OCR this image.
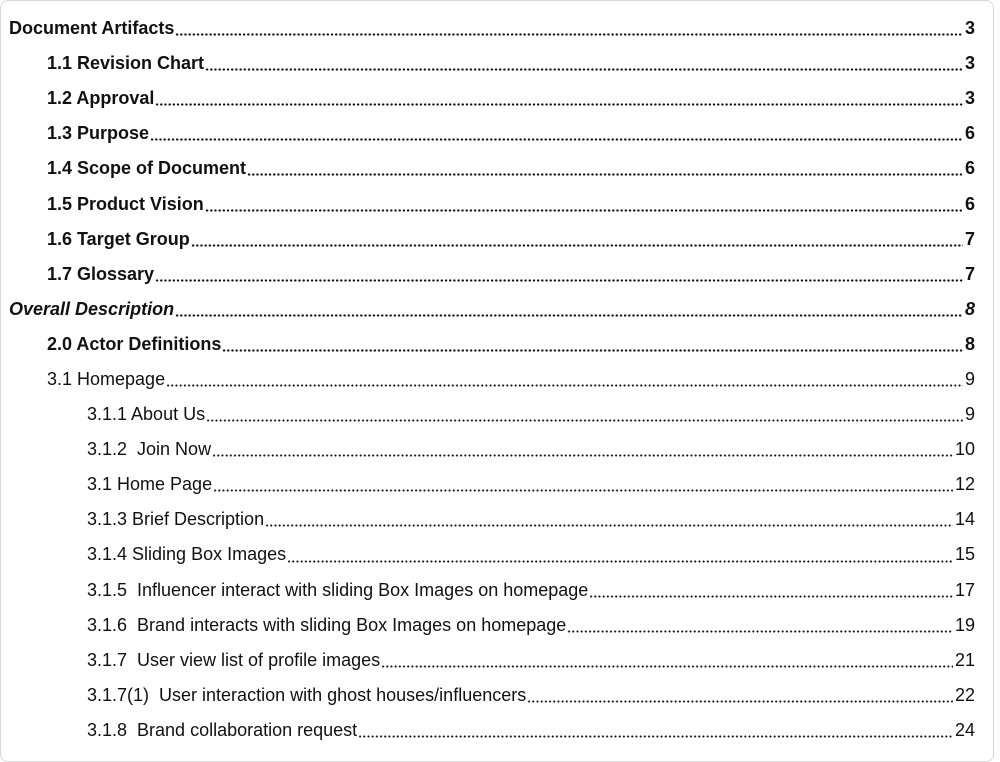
Document Artifacts	3
1.1 Revision Chart	3
1.2 Approval	3
1.3 Purpose	6
1.4 Scope of Document	6
1.5 Product Vision	6
1.6 Target Group	7
1.7 Glossary	7
Overall Description	8
2.0 Actor Definitions	8
3.1 Homepage	9
3.1.1 About Us	9
3.1.2  Join Now	10
3.1 Home Page	12
3.1.3 Brief Description	14
3.1.4 Sliding Box Images	15
3.1.5  Influencer interact with sliding Box Images on homepage	17
3.1.6  Brand interacts with sliding Box Images on homepage	19
3.1.7  User view list of profile images	21
3.1.7(1)  User interaction with ghost houses/influencers	22
3.1.8  Brand collaboration request	24
